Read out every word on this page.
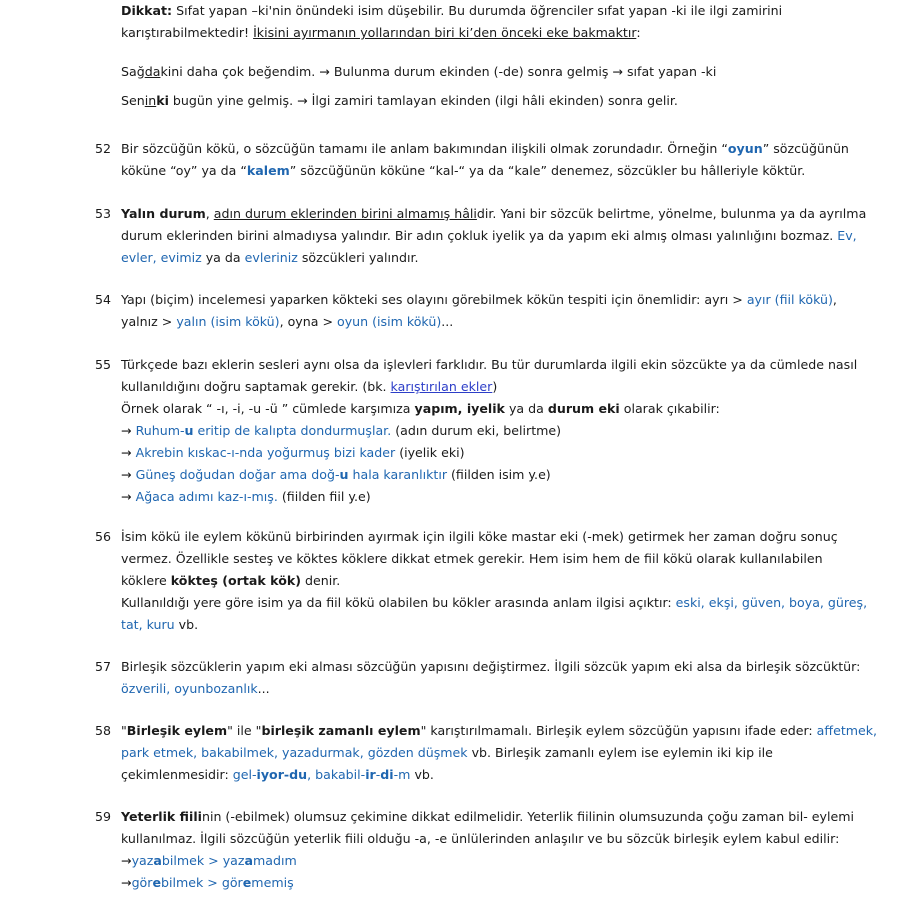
Dikkat: Sıfat yapan –ki'nin önündeki isim düşebilir. Bu durumda öğrenciler sıfat yapan -ki ile ilgi zamirini
karıştırabilmektedir! İkisini ayırmanın yollarından biri ki’den önceki eke bakmaktır:
Sağdakini daha çok beğendim. → Bulunma durum ekinden (-de) sonra gelmiş → sıfat yapan -ki
Seninki bugün yine gelmiş. → İlgi zamiri tamlayan ekinden (ilgi hâli ekinden) sonra gelir.
52 Bir sözcüğün kökü, o sözcüğün tamamı ile anlam bakımından ilişkili olmak zorundadır. Örneğin “oyun” sözcüğünün
köküne “oy” ya da “kalem” sözcüğünün köküne “kal-“ ya da “kale” denemez, sözcükler bu hâlleriyle köktür.
53 Yalın durum, adın durum eklerinden birini almamış hâlidir. Yani bir sözcük belirtme, yönelme, bulunma ya da ayrılma
durum eklerinden birini almadıysa yalındır. Bir adın çokluk iyelik ya da yapım eki almış olması yalınlığını bozmaz. Ev,
evler, evimiz ya da evleriniz sözcükleri yalındır.
54 Yapı (biçim) incelemesi yaparken kökteki ses olayını görebilmek kökün tespiti için önemlidir: ayrı > ayır (fiil kökü),
yalnız > yalın (isim kökü), oyna > oyun (isim kökü)...
55 Türkçede bazı eklerin sesleri aynı olsa da işlevleri farklıdır. Bu tür durumlarda ilgili ekin sözcükte ya da cümlede nasıl
kullanıldığını doğru saptamak gerekir. (bk. karıştırılan ekler)
Örnek olarak “ -ı, -i, -u -ü ” cümlede karşımıza yapım, iyelik ya da durum eki olarak çıkabilir:
→ Ruhum-u eritip de kalıpta dondurmuşlar. (adın durum eki, belirtme)
→ Akrebin kıskac-ı-nda yoğurmuş bizi kader (iyelik eki)
→ Güneş doğudan doğar ama doğ-u hala karanlıktır (fiilden isim y.e)
→ Ağaca adımı kaz-ı-mış. (fiilden fiil y.e)
56 İsim kökü ile eylem kökünü birbirinden ayırmak için ilgili köke mastar eki (-mek) getirmek her zaman doğru sonuç
vermez. Özellikle sesteş ve köktes köklere dikkat etmek gerekir. Hem isim hem de fiil kökü olarak kullanılabilen
köklere kökteş (ortak kök) denir.
Kullanıldığı yere göre isim ya da fiil kökü olabilen bu kökler arasında anlam ilgisi açıktır: eski, ekşi, güven, boya, güreş,
tat, kuru vb.
57 Birleşik sözcüklerin yapım eki alması sözcüğün yapısını değiştirmez. İlgili sözcük yapım eki alsa da birleşik sözcüktür:
özverili, oyunbozanlık...
58 "Birleşik eylem" ile "birleşik zamanlı eylem" karıştırılmamalı. Birleşik eylem sözcüğün yapısını ifade eder: affetmek,
park etmek, bakabilmek, yazadurmak, gözden düşmek vb. Birleşik zamanlı eylem ise eylemin iki kip ile
çekimlenmesidir: gel-iyor-du, bakabil-ir-di-m vb.
59 Yeterlik fiilinin (-ebilmek) olumsuz çekimine dikkat edilmelidir. Yeterlik fiilinin olumsuzunda çoğu zaman bil- eylemi
kullanılmaz. İlgili sözcüğün yeterlik fiili olduğu -a, -e ünlülerinden anlaşılır ve bu sözcük birleşik eylem kabul edilir:
→yazabilmek > yazamadım
→görebilmek > görememiş
